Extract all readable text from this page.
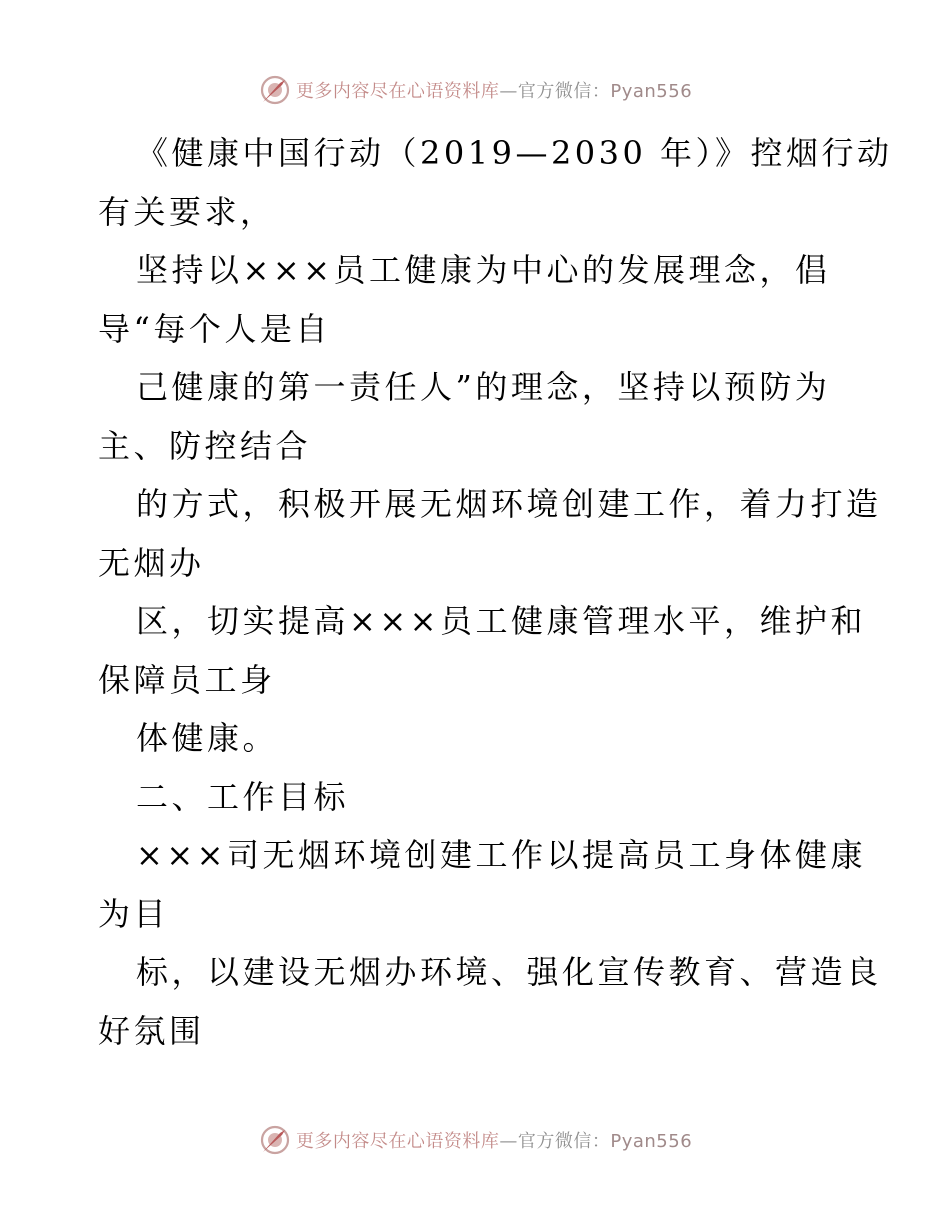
更多内容尽在心语资料库—官方微信：Pyan556
《健康中国行动（2019—2030 年）》控烟行动
有关要求，
坚持以×××员工健康为中心的发展理念，倡
导“每个人是自
己健康的第一责任人”的理念，坚持以预防为
主、防控结合
的方式，积极开展无烟环境创建工作，着力打造
无烟办
区，切实提高×××员工健康管理水平，维护和
保障员工身
体健康。
二、工作目标
×××司无烟环境创建工作以提高员工身体健康
为目
标，以建设无烟办环境、强化宣传教育、营造良
好氛围
更多内容尽在心语资料库—官方微信：Pyan556
